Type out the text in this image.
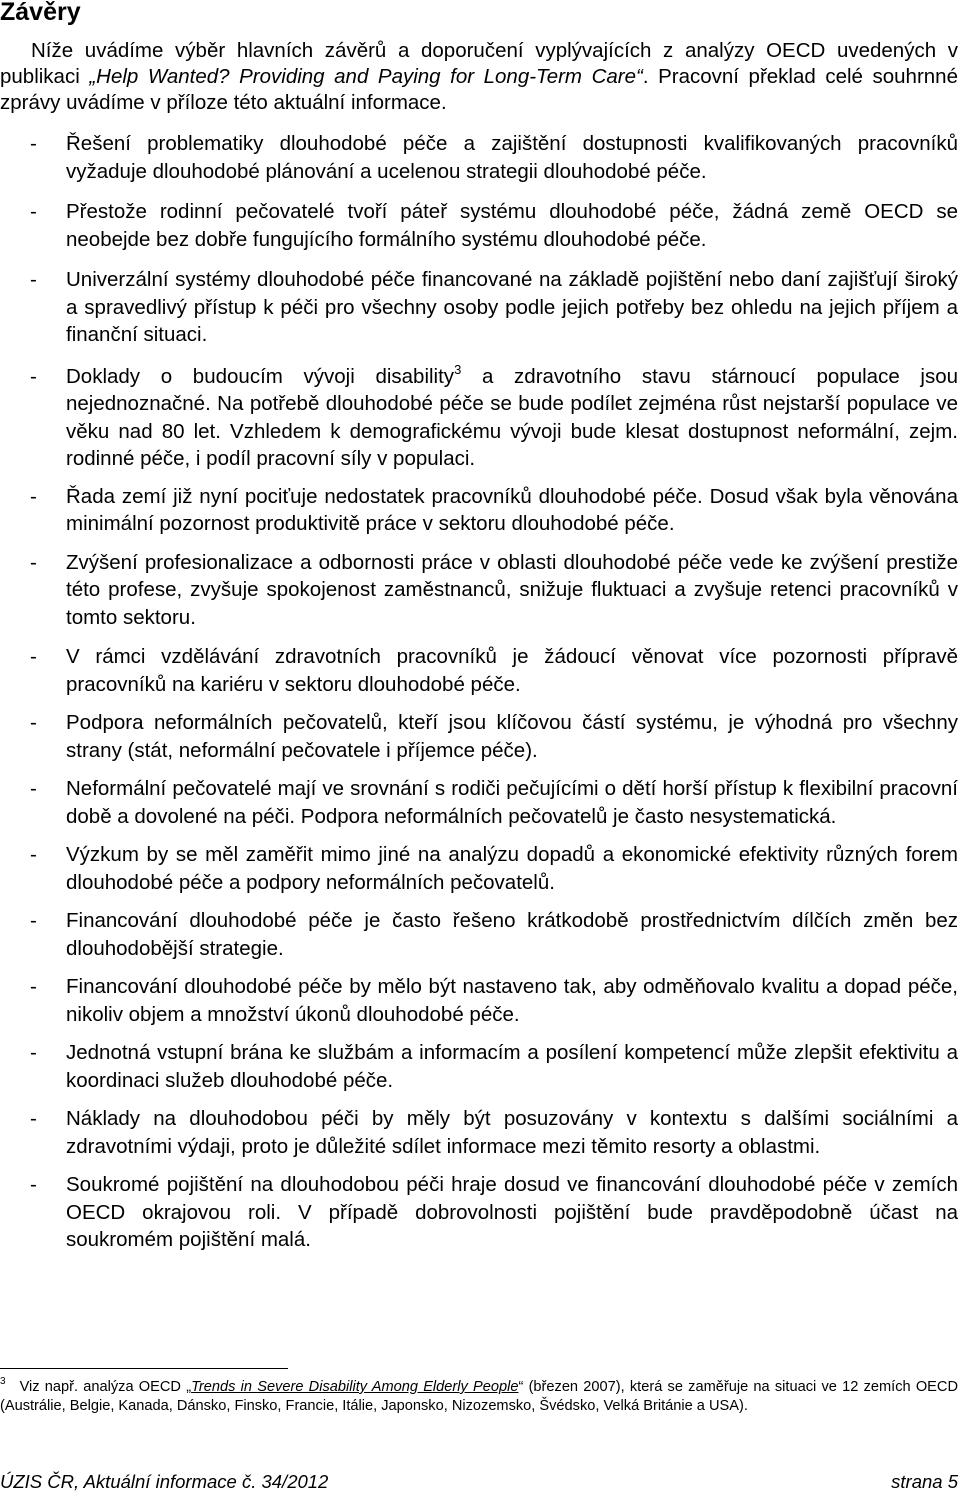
Závěry

Níže uvádíme výběr hlavních závěrů a doporučení vyplývajících z analýzy OECD uvedených v publikaci „Help Wanted? Providing and Paying for Long-Term Care“. Pracovní překlad celé souhrnné zprávy uvádíme v příloze této aktuální informace.

- Řešení problematiky dlouhodobé péče a zajištění dostupnosti kvalifikovaných pracovníků vyžaduje dlouhodobé plánování a ucelenou strategii dlouhodobé péče.
- Přestože rodinní pečovatelé tvoří páteř systému dlouhodobé péče, žádná země OECD se neobejde bez dobře fungujícího formálního systému dlouhodobé péče.
- Univerzální systémy dlouhodobé péče financované na základě pojištění nebo daní zajišťují široký a spravedlivý přístup k péči pro všechny osoby podle jejich potřeby bez ohledu na jejich příjem a finanční situaci.
- Doklady o budoucím vývoji disability$^3$ a zdravotního stavu stárnoucí populace jsou nejednoznačné. Na potřebě dlouhodobé péče se bude podílet zejména růst nejstarší populace ve věku nad 80 let. Vzhledem k demografickému vývoji bude klesat dostupnost neformální, zejm. rodinné péče, i podíl pracovní síly v populaci.
- Řada zemí již nyní pociťuje nedostatek pracovníků dlouhodobé péče. Dosud však byla věnována minimální pozornost produktivitě práce v sektoru dlouhodobé péče.
- Zvýšení profesionalizace a odbornosti práce v oblasti dlouhodobé péče vede ke zvýšení prestiže této profese, zvyšuje spokojenost zaměstnanců, snižuje fluktuaci a zvyšuje retenci pracovníků v tomto sektoru.
- V rámci vzdělávání zdravotních pracovníků je žádoucí věnovat více pozornosti přípravě pracovníků na kariéru v sektoru dlouhodobé péče.
- Podpora neformálních pečovatelů, kteří jsou klíčovou částí systému, je výhodná pro všechny strany (stát, neformální pečovatele i příjemce péče).
- Neformální pečovatelé mají ve srovnání s rodiči pečujícími o dětí horší přístup k flexibilní pracovní době a dovolené na péči. Podpora neformálních pečovatelů je často nesystematická.
- Výzkum by se měl zaměřit mimo jiné na analýzu dopadů a ekonomické efektivity různých forem dlouhodobé péče a podpory neformálních pečovatelů.
- Financování dlouhodobé péče je často řešeno krátkodobě prostřednictvím dílčích změn bez dlouhodobější strategie.
- Financování dlouhodobé péče by mělo být nastaveno tak, aby odměňovalo kvalitu a dopad péče, nikoliv objem a množství úkonů dlouhodobé péče.
- Jednotná vstupní brána ke službám a informacím a posílení kompetencí může zlepšit efektivitu a koordinaci služeb dlouhodobé péče.
- Náklady na dlouhodobou péči by měly být posuzovány v kontextu s dalšími sociálními a zdravotními výdaji, proto je důležité sdílet informace mezi těmito resorty a oblastmi.
- Soukromé pojištění na dlouhodobou péči hraje dosud ve financování dlouhodobé péče v zemích OECD okrajovou roli. V případě dobrovolnosti pojištění bude pravděpodobně účast na soukromém pojištění malá.

$^3$ Viz např. analýza OECD „Trends in Severe Disability Among Elderly People“ (březen 2007), která se zaměřuje na situaci ve 12 zemích OECD (Austrálie, Belgie, Kanada, Dánsko, Finsko, Francie, Itálie, Japonsko, Nizozemsko, Švédsko, Velká Británie a USA).

ÚZIS ČR, Aktuální informace č. 34/2012	strana 5
